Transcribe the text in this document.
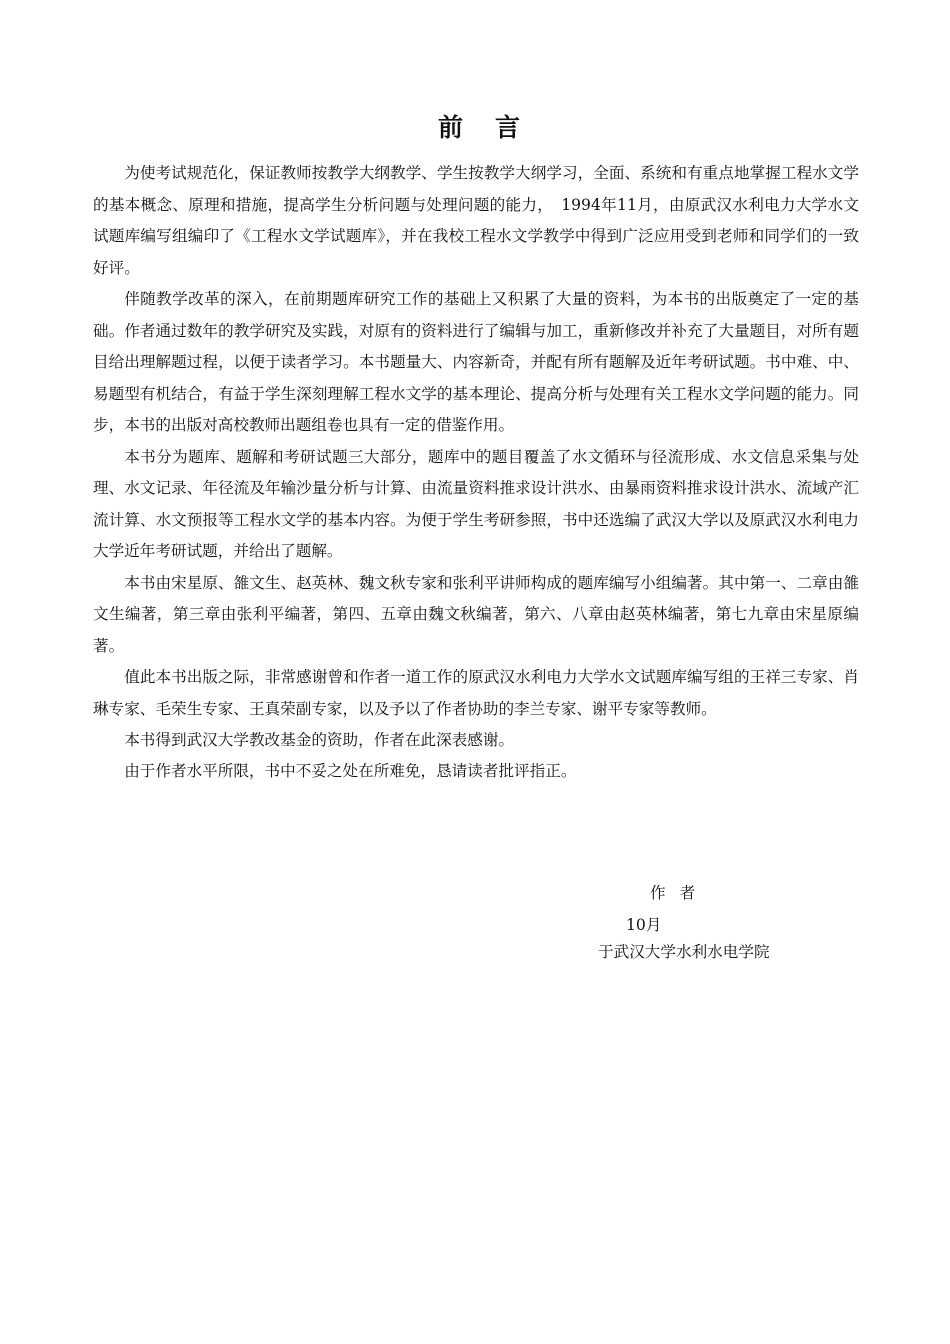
前言

为使考试规范化，保证教师按教学大纲教学、学生按教学大纲学习，全面、系统和有重点地掌握工程水文学的基本概念、原理和措施，提高学生分析问题与处理问题的能力，　1994年11月，由原武汉水利电力大学水文试题库编写组编印了《工程水文学试题库》，并在我校工程水文学教学中得到广泛应用受到老师和同学们的一致好评。

伴随教学改革的深入，在前期题库研究工作的基础上又积累了大量的资料，为本书的出版奠定了一定的基础。作者通过数年的教学研究及实践，对原有的资料进行了编辑与加工，重新修改并补充了大量题目，对所有题目给出理解题过程，以便于读者学习。本书题量大、内容新奇，并配有所有题解及近年考研试题。书中难、中、易题型有机结合，有益于学生深刻理解工程水文学的基本理论、提高分析与处理有关工程水文学问题的能力。同步，本书的出版对高校教师出题组卷也具有一定的借鉴作用。

本书分为题库、题解和考研试题三大部分，题库中的题目覆盖了水文循环与径流形成、水文信息采集与处理、水文记录、年径流及年输沙量分析与计算、由流量资料推求设计洪水、由暴雨资料推求设计洪水、流域产汇流计算、水文预报等工程水文学的基本内容。为便于学生考研参照，书中还选编了武汉大学以及原武汉水利电力大学近年考研试题，并给出了题解。

本书由宋星原、雒文生、赵英林、魏文秋专家和张利平讲师构成的题库编写小组编著。其中第一、二章由雒文生编著，第三章由张利平编著，第四、五章由魏文秋编著，第六、八章由赵英林编著，第七九章由宋星原编著。

值此本书出版之际，非常感谢曾和作者一道工作的原武汉水利电力大学水文试题库编写组的王祥三专家、肖琳专家、毛荣生专家、王真荣副专家，以及予以了作者协助的李兰专家、谢平专家等教师。

本书得到武汉大学教改基金的资助，作者在此深表感谢。

由于作者水平所限，书中不妥之处在所难免，恳请读者批评指正。

作者
10月
于武汉大学水利水电学院
